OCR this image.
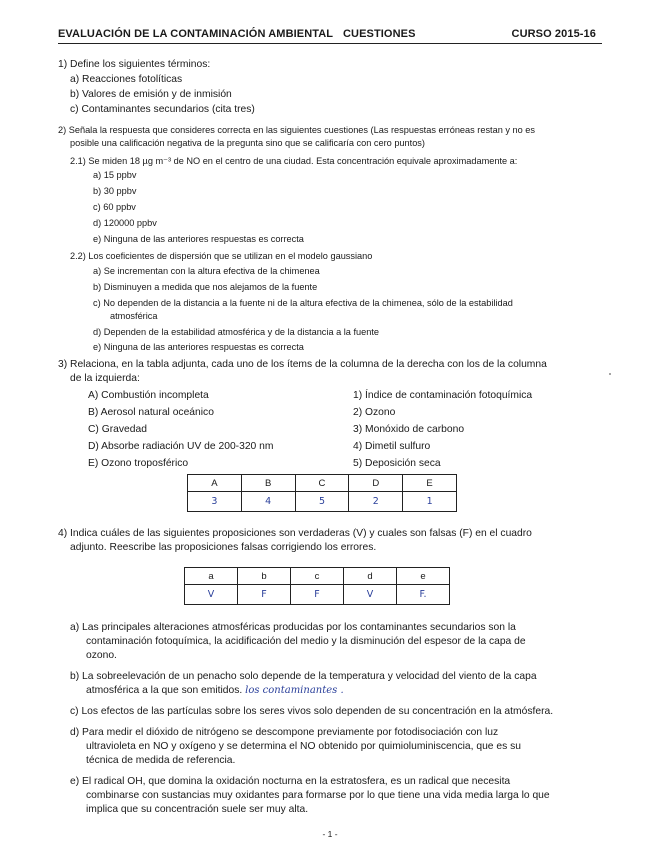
EVALUACIÓN DE LA CONTAMINACIÓN AMBIENTAL CUESTIONES	CURSO 2015-16
1) Define los siguientes términos:
a) Reacciones fotolíticas
b) Valores de emisión y de inmisión
c) Contaminantes secundarios (cita tres)
2) Señala la respuesta que consideres correcta en las siguientes cuestiones (Las respuestas erróneas restan y no es
posible una calificación negativa de la pregunta sino que se calificaría con cero puntos)
2.1) Se miden 18 µg m⁻³ de NO en el centro de una ciudad. Esta concentración equivale aproximadamente a:
a) 15 ppbv
b) 30 ppbv
c) 60 ppbv
d) 120000 ppbv
e) Ninguna de las anteriores respuestas es correcta
2.2) Los coeficientes de dispersión que se utilizan en el modelo gaussiano
a) Se incrementan con la altura efectiva de la chimenea
b) Disminuyen a medida que nos alejamos de la fuente
c) No dependen de la distancia a la fuente ni de la altura efectiva de la chimenea, sólo de la estabilidad
atmosférica
d) Dependen de la estabilidad atmosférica y de la distancia a la fuente
e) Ninguna de las anteriores respuestas es correcta
3) Relaciona, en la tabla adjunta, cada uno de los ítems de la columna de la derecha con los de la columna
de la izquierda:
A) Combustión incompleta
B) Aerosol natural oceánico
C) Gravedad
D) Absorbe radiación UV de 200-320 nm
E) Ozono troposférico
1) Índice de contaminación fotoquímica
2) Ozono
3) Monóxido de carbono
4) Dimetil sulfuro
5) Deposición seca
A	B	C	D	E
3	4	5	2	1
4) Indica cuáles de las siguientes proposiciones son verdaderas (V) y cuales son falsas (F) en el cuadro
adjunto. Reescribe las proposiciones falsas corrigiendo los errores.
a	b	c	d	e
V	F	F	V	F.
a) Las principales alteraciones atmosféricas producidas por los contaminantes secundarios son la
contaminación fotoquímica, la acidificación del medio y la disminución del espesor de la capa de
ozono.
b) La sobreelevación de un penacho solo depende de la temperatura y velocidad del viento de la capa
atmosférica a la que son emitidos. los contaminantes .
c) Los efectos de las partículas sobre los seres vivos solo dependen de su concentración en la atmósfera.
d) Para medir el dióxido de nitrógeno se descompone previamente por fotodisociación con luz
ultravioleta en NO y oxígeno y se determina el NO obtenido por quimioluminiscencia, que es su
técnica de medida de referencia.
e) El radical OH, que domina la oxidación nocturna en la estratosfera, es un radical que necesita
combinarse con sustancias muy oxidantes para formarse por lo que tiene una vida media larga lo que
implica que su concentración suele ser muy alta.
- 1 -
